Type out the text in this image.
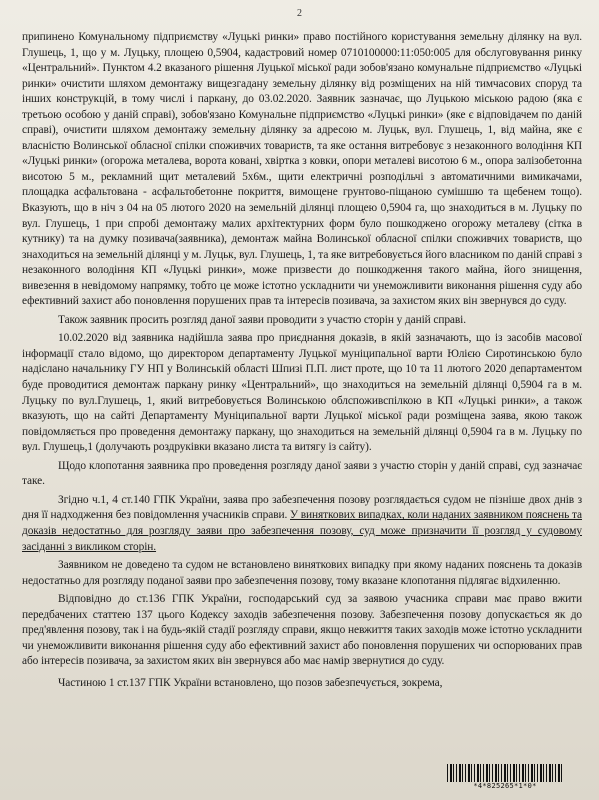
2

припинено Комунальному підприємству «Луцькі ринки» право постійного користування земельну ділянку на вул. Глушець, 1, що у м. Луцьку, площею 0,5904, кадастровий номер 0710100000:11:050:005 для обслуговування ринку «Центральний». Пунктом 4.2 вказаного рішення Луцької міської ради зобов'язано комунальне підприємство «Луцькі ринки» очистити шляхом демонтажу вищезгадану земельну ділянку від розміщених на ній тимчасових споруд та інших конструкцій, в тому числі і паркану, до 03.02.2020. Заявник зазначає, що Луцькою міською радою (яка є третьою особою у даній справі), зобов'язано Комунальне підприємство «Луцькі ринки» (яке є відповідачем по даній справі), очистити шляхом демонтажу земельну ділянку за адресою м. Луцьк, вул. Глушець, 1, від майна, яке є власністю Волинської обласної спілки споживчих товариств, та яке остання витребовує з незаконного володіння КП «Луцькі ринки» (огорожа металева, ворота ковані, хвіртка з ковки, опори металеві висотою 6 м., опора залізобетонна висотою 5 м., рекламний щит металевий 5х6м., щити електричні розподільчі з автоматичними вимикачами, площадка асфальтована - асфальтобетонне покриття, вимощене грунтово-піщаною сумішшю та щебенем тощо). Вказують, що в ніч з 04 на 05 лютого 2020 на земельній ділянці площею 0,5904 га, що знаходиться в м. Луцьку по вул. Глушець, 1 при спробі демонтажу малих архітектурних форм було пошкоджено огорожу металеву (сітка в кутнику) та на думку позивача(заявника), демонтаж майна Волинської обласної спілки споживчих товариств, що знаходиться на земельній ділянці у м. Луцьк, вул. Глушець, 1, та яке витребовується його власником по даній справі з незаконного володіння КП «Луцькі ринки», може призвести до пошкодження такого майна, його знищення, вивезення в невідомому напрямку, тобто це може істотно ускладнити чи унеможливити виконання рішення суду або ефективний захист або поновлення порушених прав та інтересів позивача, за захистом яких він звернувся до суду.

Також заявник просить розгляд даної заяви проводити з участю сторін у даній справі.

10.02.2020 від заявника надійшла заява про приєднання доказів, в якій зазначають, що із засобів масової інформації стало відомо, що директором департаменту Луцької муніципальної варти Юлією Сиротинською було надіслано начальнику ГУ НП у Волинській області Шпизі П.П. лист проте, що 10 та 11 лютого 2020 департаментом буде проводитися демонтаж паркану ринку «Центральний», що знаходиться на земельній ділянці 0,5904 га в м. Луцьку по вул.Глушець, 1, який витребовується Волинською облспоживспілкою в КП «Луцькі ринки», а також вказують, що на сайті Департаменту Муніципальної варти Луцької міської ради розміщена заява, якою також повідомляється про проведення демонтажу паркану, що знаходиться на земельній ділянці 0,5904 га в м. Луцьку по вул. Глушець,1 (долучають роздруківки вказано листа та витягу із сайту).

Щодо клопотання заявника про проведення розгляду даної заяви з участю сторін у даній справі, суд зазначає таке.

Згідно ч.1, 4 ст.140 ГПК України, заява про забезпечення позову розглядається судом не пізніше двох днів з дня її надходження без повідомлення учасників справи. У виняткових випадках, коли наданих заявником пояснень та доказів недостатньо для розгляду заяви про забезпечення позову, суд може призначити її розгляд у судовому засіданні з викликом сторін.

Заявником не доведено та судом не встановлено виняткових випадку при якому наданих пояснень та доказів недостатньо для розгляду поданої заяви про забезпечення позову, тому вказане клопотання підлягає відхиленню.

Відповідно до ст.136 ГПК України, господарський суд за заявою учасника справи має право вжити передбачених статтею 137 цього Кодексу заходів забезпечення позову. Забезпечення позову допускається як до пред'явлення позову, так і на будь-якій стадії розгляду справи, якщо невжиття таких заходів може істотно ускладнити чи унеможливити виконання рішення суду або ефективний захист або поновлення порушених чи оспорюваних прав або інтересів позивача, за захистом яких він звернувся або має намір звернутися до суду.

Частиною 1 ст.137 ГПК України встановлено, що позов забезпечується, зокрема,

*4*825265*1*0*
